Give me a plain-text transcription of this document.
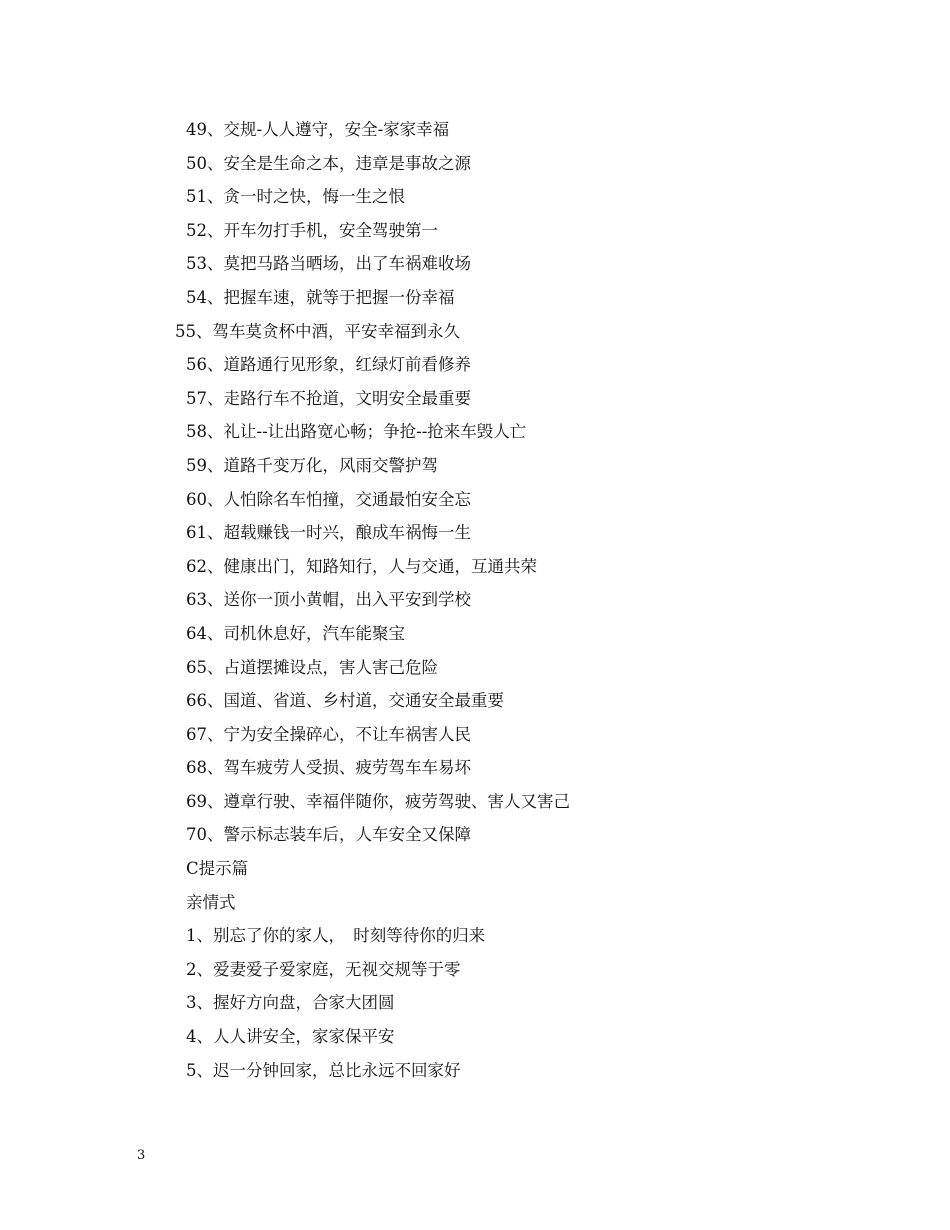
49、交规-人人遵守，安全-家家幸福
50、安全是生命之本，违章是事故之源
51、贪一时之快，悔一生之恨
52、开车勿打手机，安全驾驶第一
53、莫把马路当晒场，出了车祸难收场
54、把握车速，就等于把握一份幸福
55、驾车莫贪杯中酒，平安幸福到永久
56、道路通行见形象，红绿灯前看修养
57、走路行车不抢道，文明安全最重要
58、礼让--让出路宽心畅；争抢--抢来车毁人亡
59、道路千变万化，风雨交警护驾
60、人怕除名车怕撞，交通最怕安全忘
61、超载赚钱一时兴，酿成车祸悔一生
62、健康出门，知路知行，人与交通，互通共荣
63、送你一顶小黄帽，出入平安到学校
64、司机休息好，汽车能聚宝
65、占道摆摊设点，害人害己危险
66、国道、省道、乡村道，交通安全最重要
67、宁为安全操碎心，不让车祸害人民
68、驾车疲劳人受损、疲劳驾车车易坏
69、遵章行驶、幸福伴随你，疲劳驾驶、害人又害己
70、警示标志装车后，人车安全又保障
C提示篇
亲情式
1、别忘了你的家人，　时刻等待你的归来
2、爱妻爱子爱家庭，无视交规等于零
3、握好方向盘，合家大团圆
4、人人讲安全，家家保平安
5、迟一分钟回家，总比永远不回家好
3
